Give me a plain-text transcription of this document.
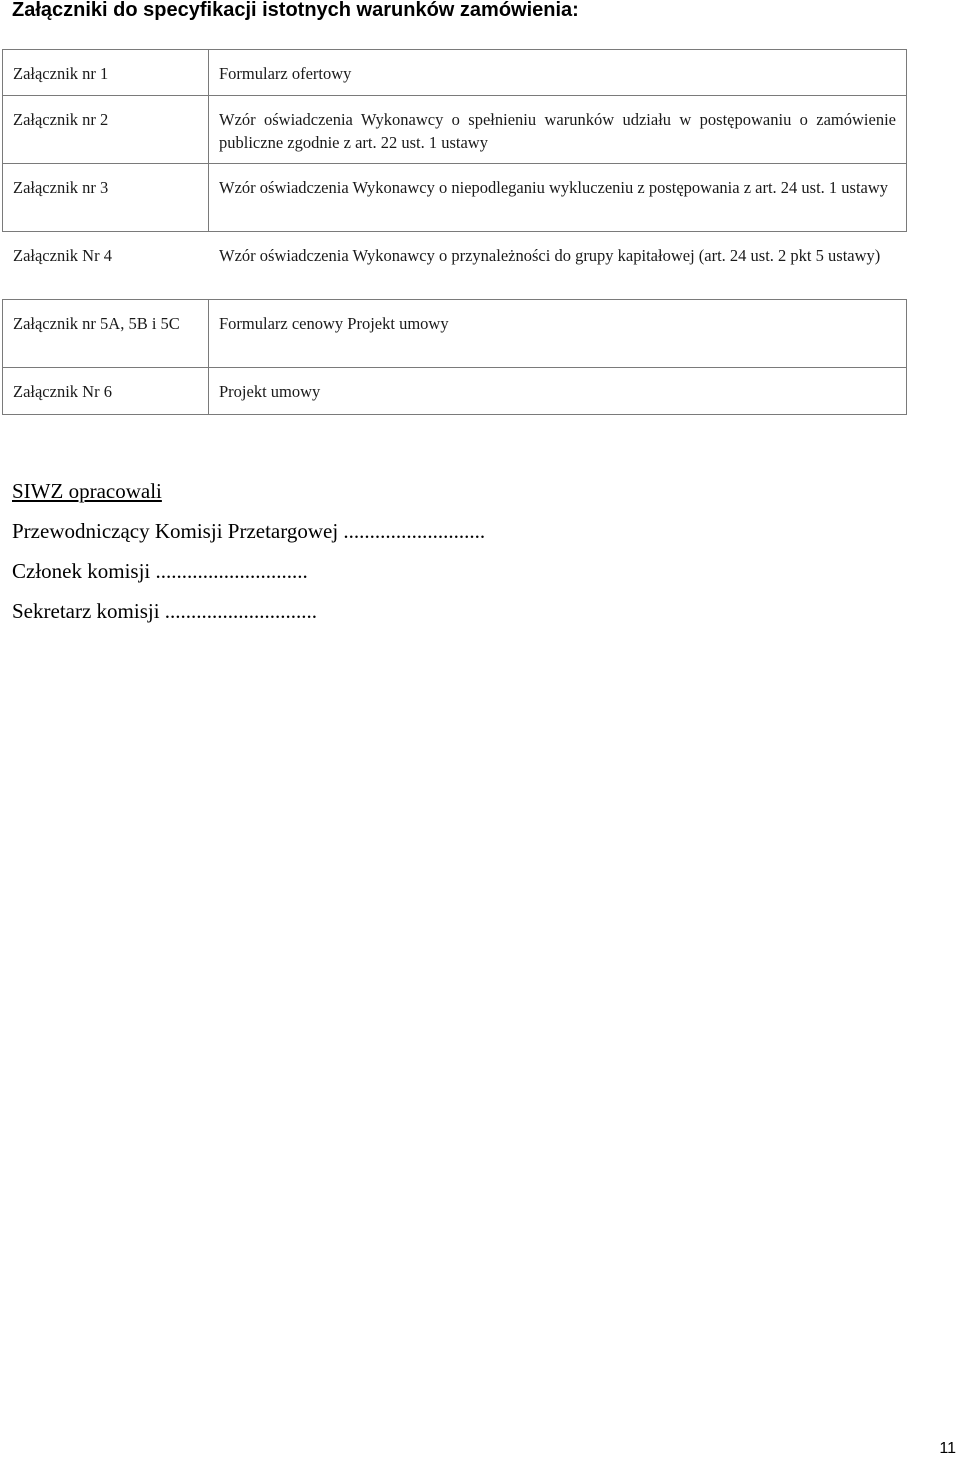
Załączniki do specyfikacji istotnych warunków zamówienia:
Załącznik nr 1	Formularz ofertowy
Załącznik nr 2	Wzór oświadczenia Wykonawcy o spełnieniu warunków udziału w postępowaniu o zamówienie publiczne zgodnie z art. 22 ust. 1 ustawy
Załącznik nr 3	Wzór oświadczenia Wykonawcy o niepodleganiu wykluczeniu z postępowania z art. 24 ust. 1 ustawy
Załącznik Nr 4	Wzór oświadczenia Wykonawcy o przynależności do grupy kapitałowej (art. 24 ust. 2 pkt 5 ustawy)
Załącznik nr 5A, 5B i 5C	Formularz cenowy Projekt umowy
Załącznik Nr 6	Projekt umowy
SIWZ opracowali
Przewodniczący Komisji Przetargowej ...........................
Członek komisji .............................
Sekretarz komisji .............................
11
